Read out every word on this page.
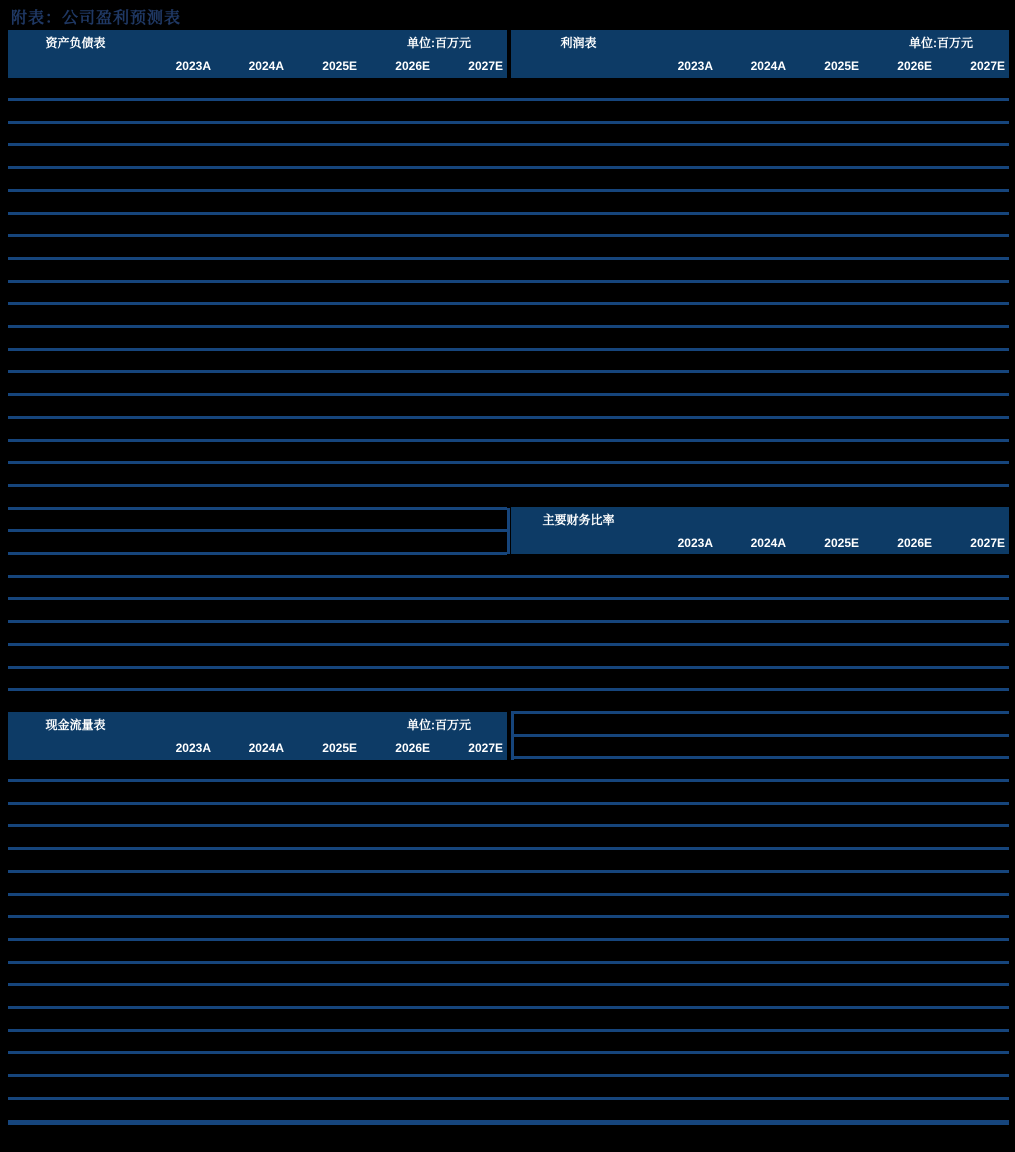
附表：公司盈利预测表
资产负债表	单位:百万元
2023A	2024A	2025E	2026E	2027E
利润表	单位:百万元
2023A	2024A	2025E	2026E	2027E
主要财务比率
2023A	2024A	2025E	2026E	2027E
现金流量表	单位:百万元
2023A	2024A	2025E	2026E	2027E
